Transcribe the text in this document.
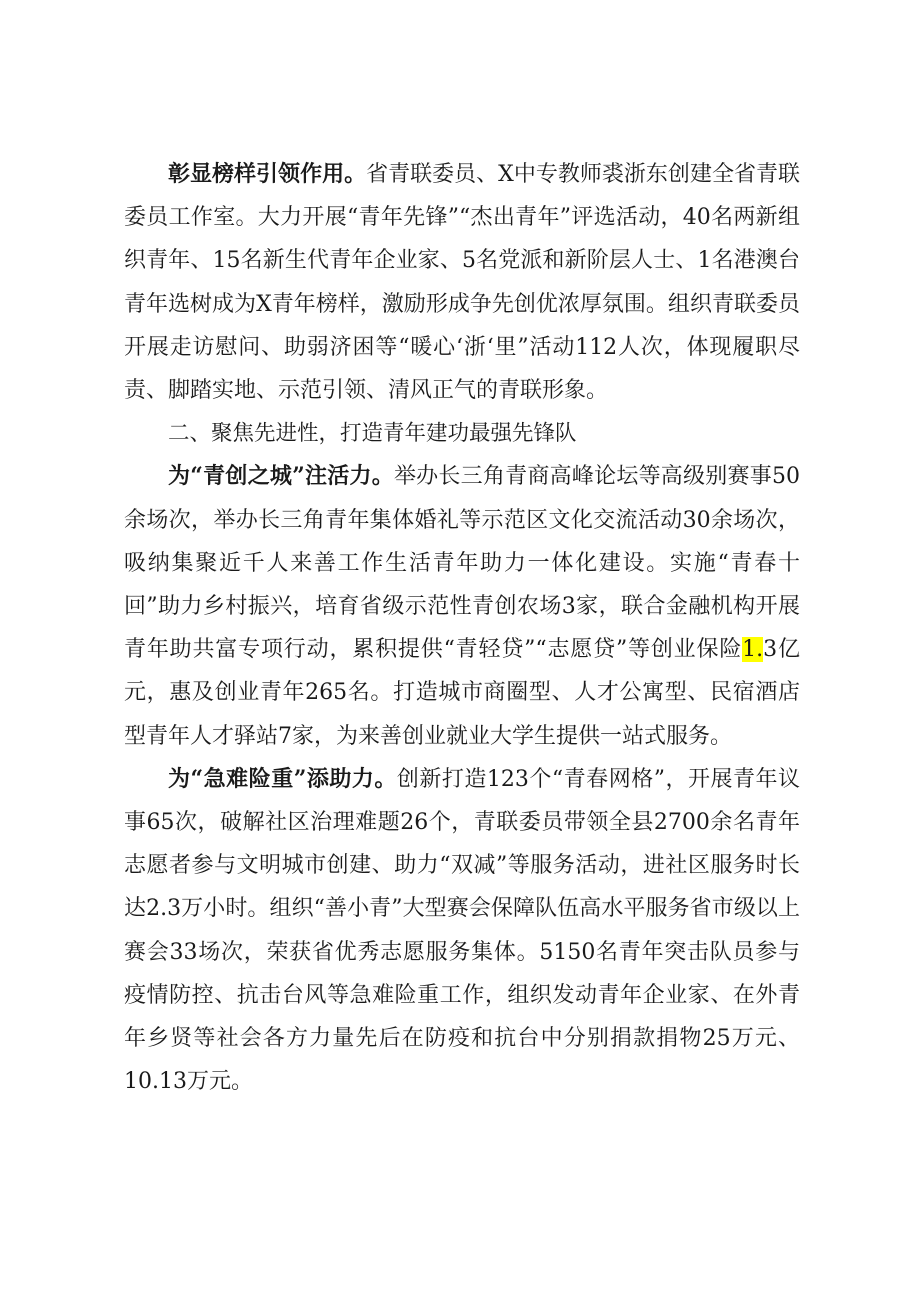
彰显榜样引领作用。省青联委员、X中专教师裘浙东创建全省青联委员工作室。大力开展“青年先锋”“杰出青年”评选活动，40名两新组织青年、15名新生代青年企业家、5名党派和新阶层人士、1名港澳台青年选树成为X青年榜样，激励形成争先创优浓厚氛围。组织青联委员开展走访慰问、助弱济困等“暖心‘浙‘里”活动112人次，体现履职尽责、脚踏实地、示范引领、清风正气的青联形象。

二、聚焦先进性，打造青年建功最强先锋队

为“青创之城”注活力。举办长三角青商高峰论坛等高级别赛事50余场次，举办长三角青年集体婚礼等示范区文化交流活动30余场次，吸纳集聚近千人来善工作生活青年助力一体化建设。实施“青春十回”助力乡村振兴，培育省级示范性青创农场3家，联合金融机构开展青年助共富专项行动，累积提供“青轻贷”“志愿贷”等创业保险1.3亿元，惠及创业青年265名。打造城市商圈型、人才公寓型、民宿酒店型青年人才驿站7家，为来善创业就业大学生提供一站式服务。

为“急难险重”添助力。创新打造123个“青春网格”，开展青年议事65次，破解社区治理难题26个，青联委员带领全县2700余名青年志愿者参与文明城市创建、助力“双减”等服务活动，进社区服务时长达2.3万小时。组织“善小青”大型赛会保障队伍高水平服务省市级以上赛会33场次，荣获省优秀志愿服务集体。5150名青年突击队员参与疫情防控、抗击台风等急难险重工作，组织发动青年企业家、在外青年乡贤等社会各方力量先后在防疫和抗台中分别捐款捐物25万元、10.13万元。
